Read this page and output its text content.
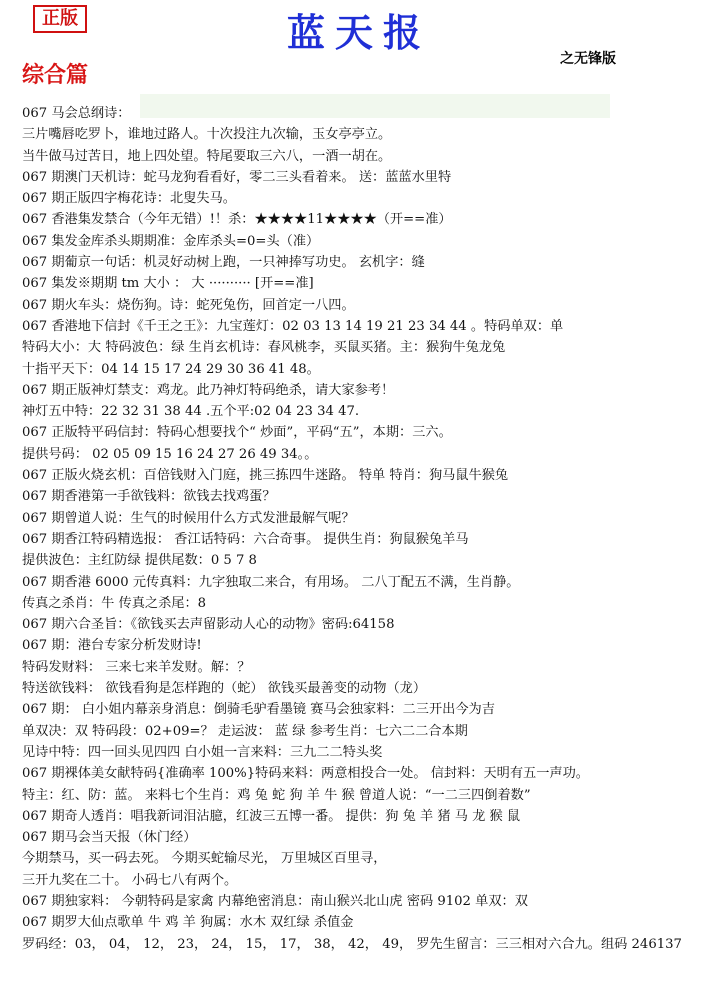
正版	蓝天报
之无锋版
综合篇
067 马会总纲诗：
三片嘴唇吃罗卜，谁地过路人。十次投注九次输，玉女亭亭立。
当牛做马过苦日，地上四处望。特尾要取三六八，一酒一胡在。
067 期澳门天机诗：蛇马龙狗看看好，零二三头看着来。 送：蓝蓝水里特
067 期正版四字梅花诗：北叟失马。
067 香港集发禁合（今年无错）!！杀：★★★★11★★★★（开==准）
067 集发金库杀头期期准：金库杀头=0=头（准）
067 期葡京一句话：机灵好动树上跑，一只神捧写功史。 玄机字：缝
067 集发※期期 tm 大小 ： 大 ·········· [开==准]
067 期火车头：烧伤狗。诗：蛇死兔伤，回首定一八四。
067 香港地下信封《千王之王》：九宝莲灯：02 03 13 14 19 21 23 34 44 。特码单双：单
特码大小：大 特码波色：绿 生肖玄机诗：春风桃李，买鼠买猪。主：猴狗牛兔龙兔
十指平天下：04 14 15 17 24 29 30 36 41 48。
067 期正版神灯禁支：鸡龙。此乃神灯特码绝杀，请大家参考！
神灯五中特：22 32 31 38 44 .五个平:02 04 23 34 47.
067 正版特平码信封：特码心想要找个“ 炒面”，平码“五”，本期：三六。
提供号码： 02 05 09 15 16 24 27 26 49 34。。
067 正版火烧玄机：百倍钱财入门庭，挑三拣四牛迷路。 特单 特肖：狗马鼠牛猴兔
067 期香港第一手欲钱料：欲钱去找鸡蛋？
067 期曾道人说：生气的时候用什么方式发泄最解气呢？
067 期香江特码精选报： 香江话特码：六合奇事。 提供生肖：狗鼠猴兔羊马
提供波色：主红防绿 提供尾数：0 5 7 8
067 期香港 6000 元传真料：九字独取二来合，有用场。 二八丁配五不满，生肖静。
传真之杀肖：牛 传真之杀尾：8
067 期六合圣旨：《欲钱买去声留影动人心的动物》密码:64158
067 期：港台专家分析发财诗!
特码发财料： 三来七来羊发财。解：？
特送欲钱料： 欲钱看狗是怎样跑的（蛇） 欲钱买最善变的动物（龙）
067 期： 白小姐内幕亲身消息：倒骑毛驴看墨镜 赛马会独家料：二三开出今为吉
单双决：双 特码段：02+09=？ 走运波： 蓝 绿 参考生肖：七六二二合本期
见诗中特：四一回头见四四 白小姐一言来料：三九二二特头奖
067 期裸体美女献特码{准确率 100%}特码来料：两意相投合一处。 信封料：天明有五一声功。
特主：红、防：蓝。 来料七个生肖：鸡 兔 蛇 狗 羊 牛 猴 曾道人说：“一二三四倒着数”
067 期奇人透肖：唱我新词泪沾臆，红波三五博一番。 提供：狗 兔 羊 猪 马 龙 猴 鼠
067 期马会当天报（休门经）
今期禁马，买一码去死。 今期买蛇输尽光， 万里城区百里寻，
三开九奖在二十。 小码七八有两个。
067 期独家料： 今朝特码是家禽 内幕绝密消息：南山猴兴北山虎 密码 9102 单双：双
067 期罗大仙点歌单 牛 鸡 羊 狗属：水木 双红绿 杀值金
罗码经：03， 04， 12， 23， 24， 15， 17， 38， 42， 49， 罗先生留言：三三相对六合九。组码 246137
